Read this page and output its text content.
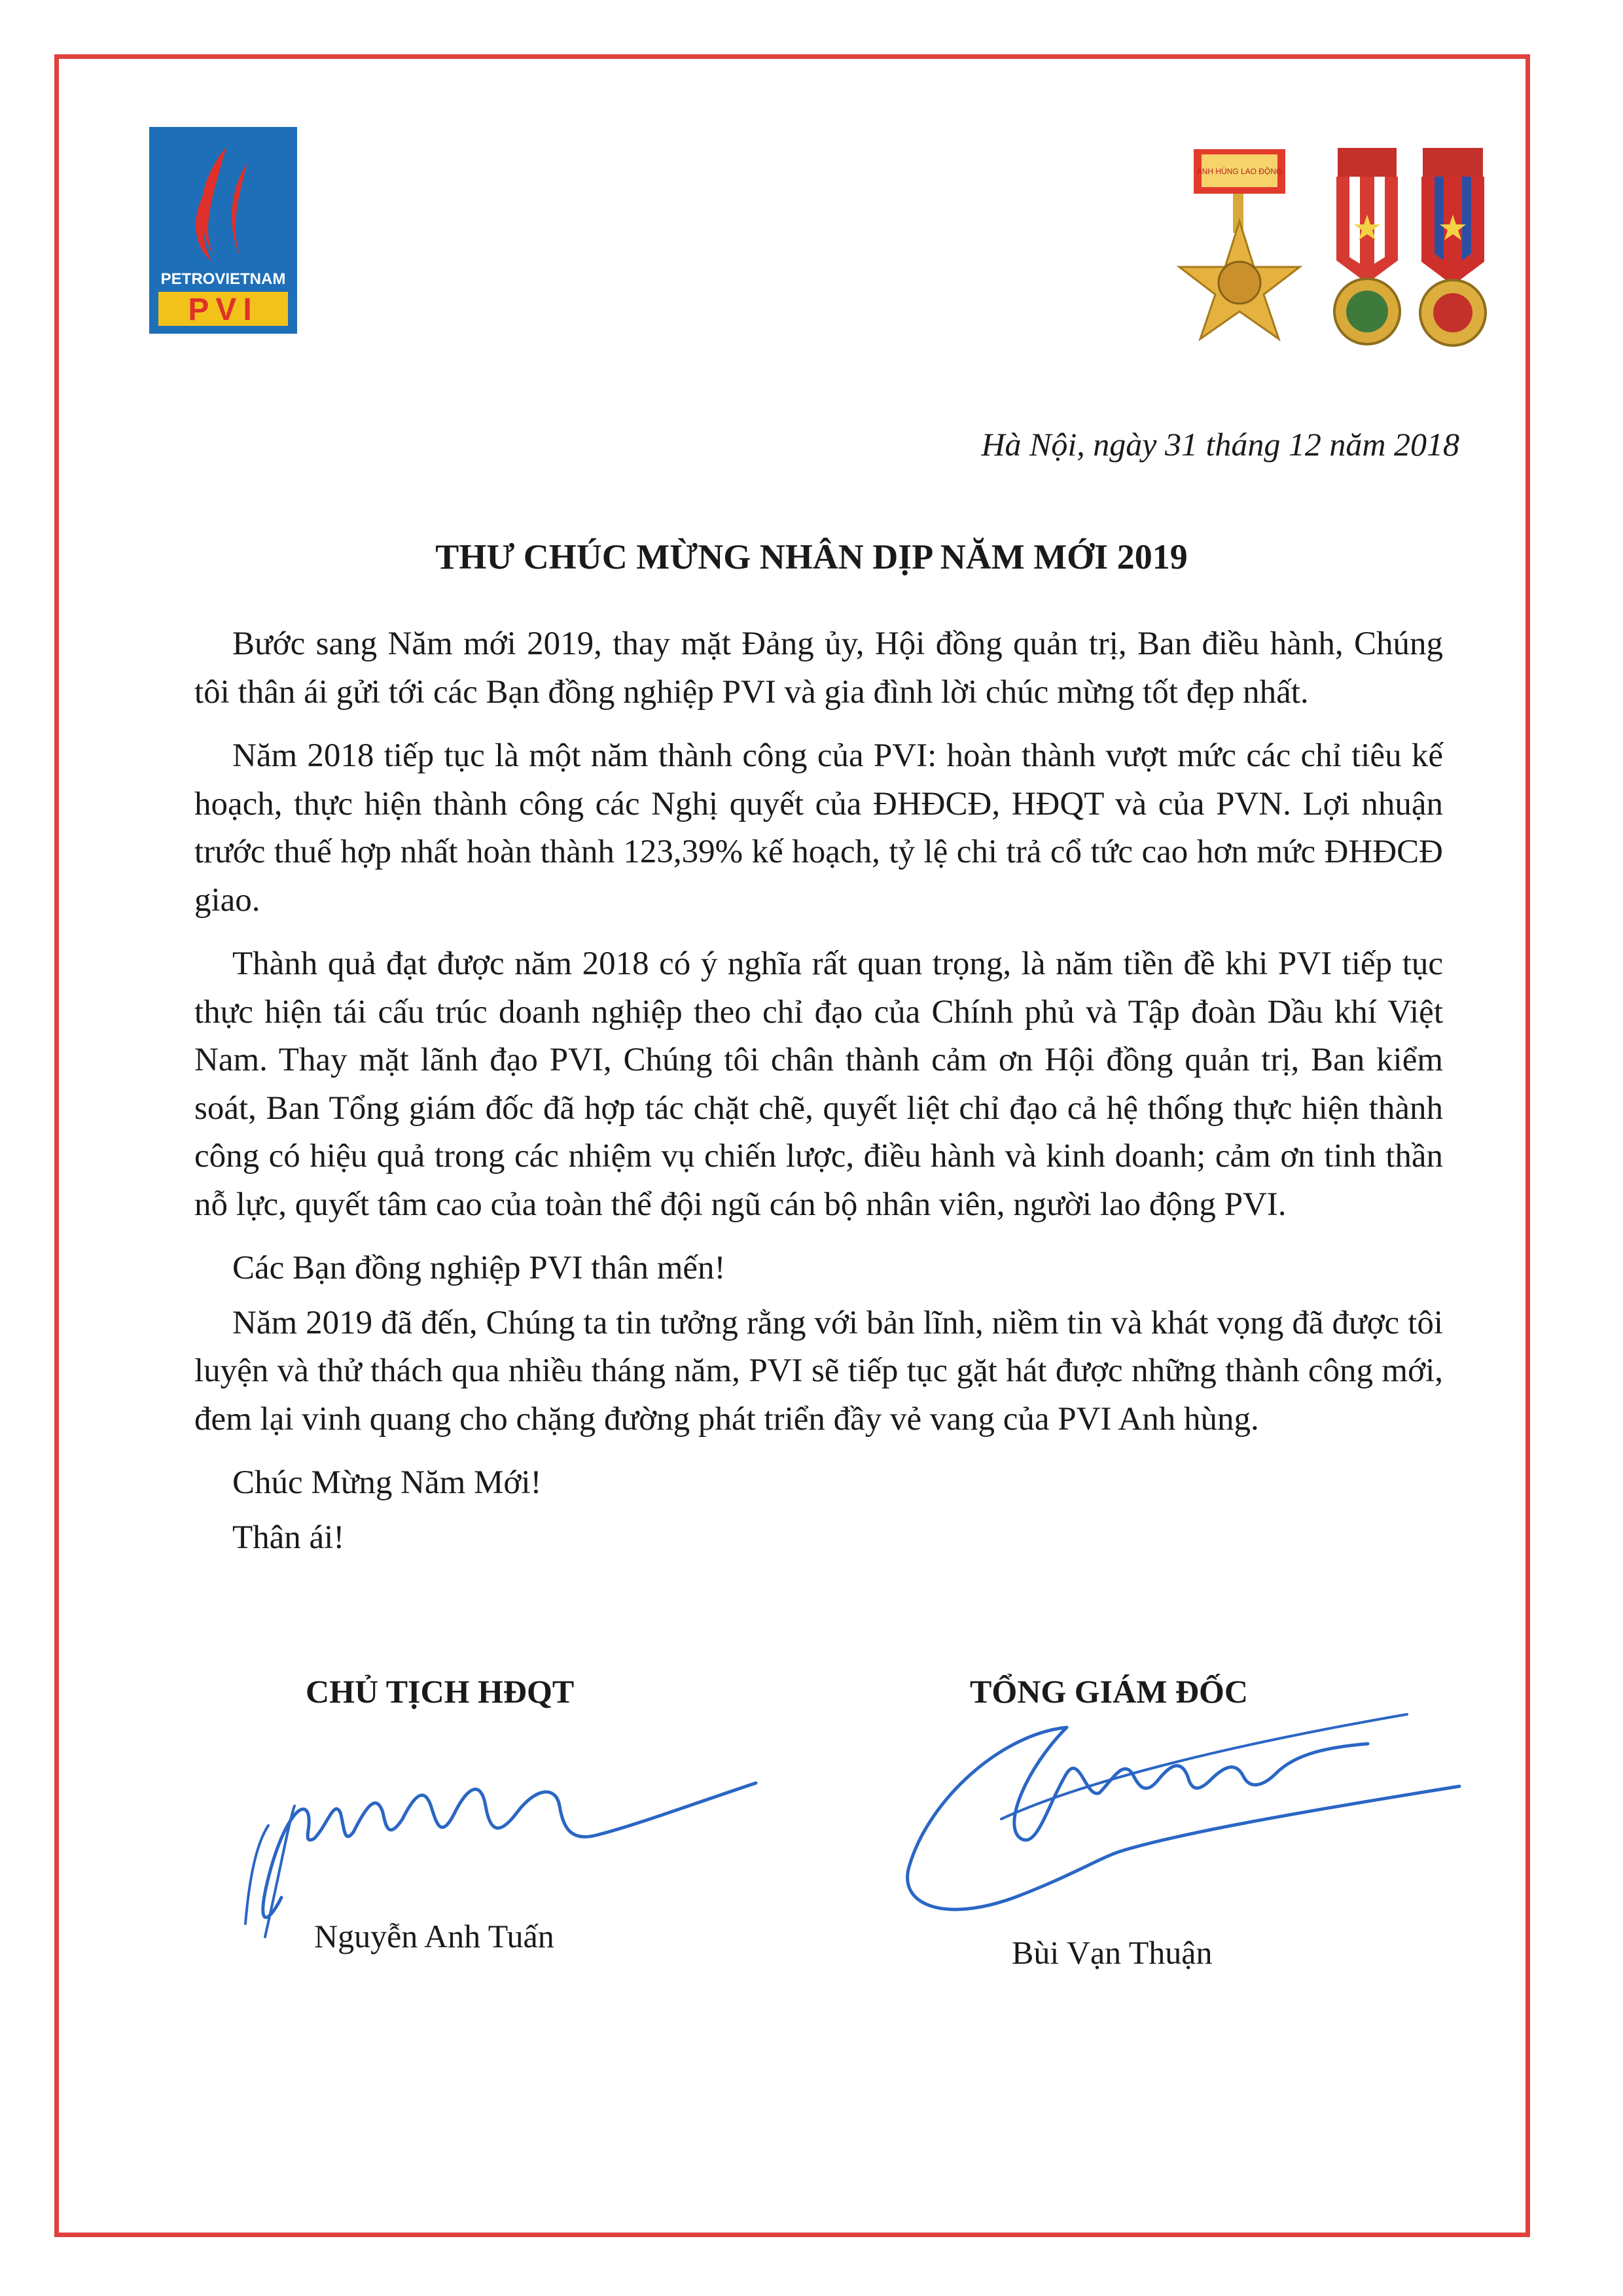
PETROVIETNAM
PVI
ANH HÙNG LAO ĐỘNG
Hà Nội, ngày 31 tháng 12 năm 2018
THƯ CHÚC MỪNG NHÂN DỊP NĂM MỚI 2019

Bước sang Năm mới 2019, thay mặt Đảng ủy, Hội đồng quản trị, Ban điều hành, Chúng tôi thân ái gửi tới các Bạn đồng nghiệp PVI và gia đình lời chúc mừng tốt đẹp nhất.

Năm 2018 tiếp tục là một năm thành công của PVI: hoàn thành vượt mức các chỉ tiêu kế hoạch, thực hiện thành công các Nghị quyết của ĐHĐCĐ, HĐQT và của PVN. Lợi nhuận trước thuế hợp nhất hoàn thành 123,39% kế hoạch, tỷ lệ chi trả cổ tức cao hơn mức ĐHĐCĐ giao.

Thành quả đạt được năm 2018 có ý nghĩa rất quan trọng, là năm tiền đề khi PVI tiếp tục thực hiện tái cấu trúc doanh nghiệp theo chỉ đạo của Chính phủ và Tập đoàn Dầu khí Việt Nam. Thay mặt lãnh đạo PVI, Chúng tôi chân thành cảm ơn Hội đồng quản trị, Ban kiểm soát, Ban Tổng giám đốc đã hợp tác chặt chẽ, quyết liệt chỉ đạo cả hệ thống thực hiện thành công có hiệu quả trong các nhiệm vụ chiến lược, điều hành và kinh doanh; cảm ơn tinh thần nỗ lực, quyết tâm cao của toàn thể đội ngũ cán bộ nhân viên, người lao động PVI.

Các Bạn đồng nghiệp PVI thân mến!

Năm 2019 đã đến, Chúng ta tin tưởng rằng với bản lĩnh, niềm tin và khát vọng đã được tôi luyện và thử thách qua nhiều tháng năm, PVI sẽ tiếp tục gặt hát được những thành công mới, đem lại vinh quang cho chặng đường phát triển đầy vẻ vang của PVI Anh hùng.

Chúc Mừng Năm Mới!

Thân ái!

CHỦ TỊCH HĐQT	TỔNG GIÁM ĐỐC
Nguyễn Anh Tuấn	Bùi Vạn Thuận
